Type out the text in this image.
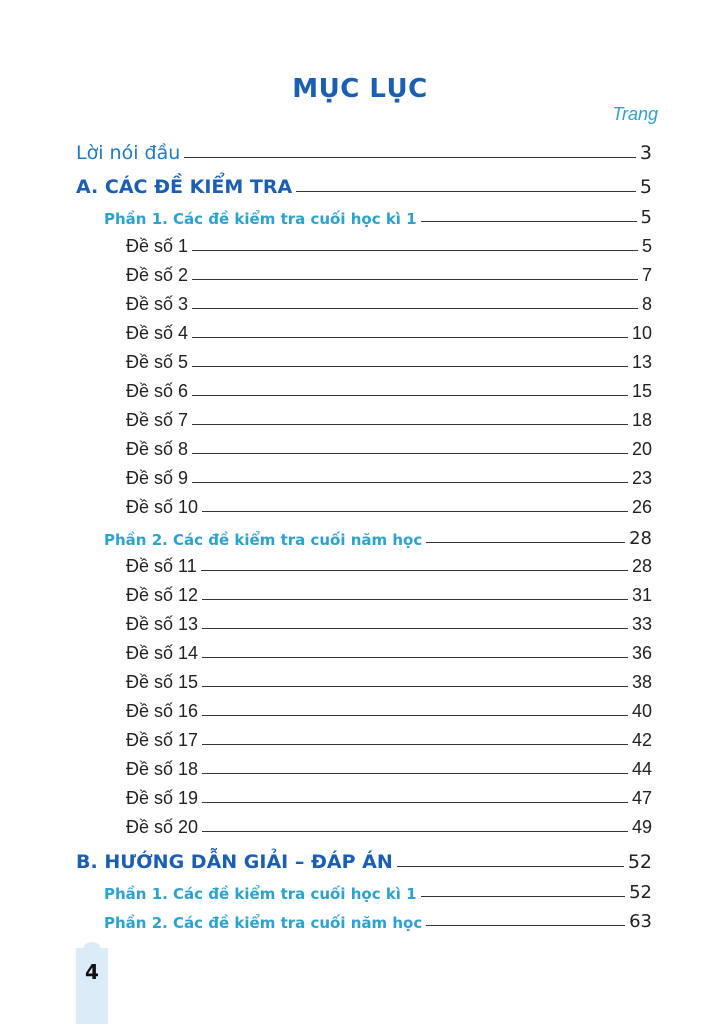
MỤC LỤC
Trang
Lời nói đầu	3
A. CÁC ĐỀ KIỂM TRA	5
Phần 1. Các đề kiểm tra cuối học kì 1	5
Đề số 1	5
Đề số 2	7
Đề số 3	8
Đề số 4	10
Đề số 5	13
Đề số 6	15
Đề số 7	18
Đề số 8	20
Đề số 9	23
Đề số 10	26
Phần 2. Các đề kiểm tra cuối năm học	28
Đề số 11	28
Đề số 12	31
Đề số 13	33
Đề số 14	36
Đề số 15	38
Đề số 16	40
Đề số 17	42
Đề số 18	44
Đề số 19	47
Đề số 20	49
B. HƯỚNG DẪN GIẢI – ĐÁP ÁN	52
Phần 1. Các đề kiểm tra cuối học kì 1	52
Phần 2. Các đề kiểm tra cuối năm học	63
4
